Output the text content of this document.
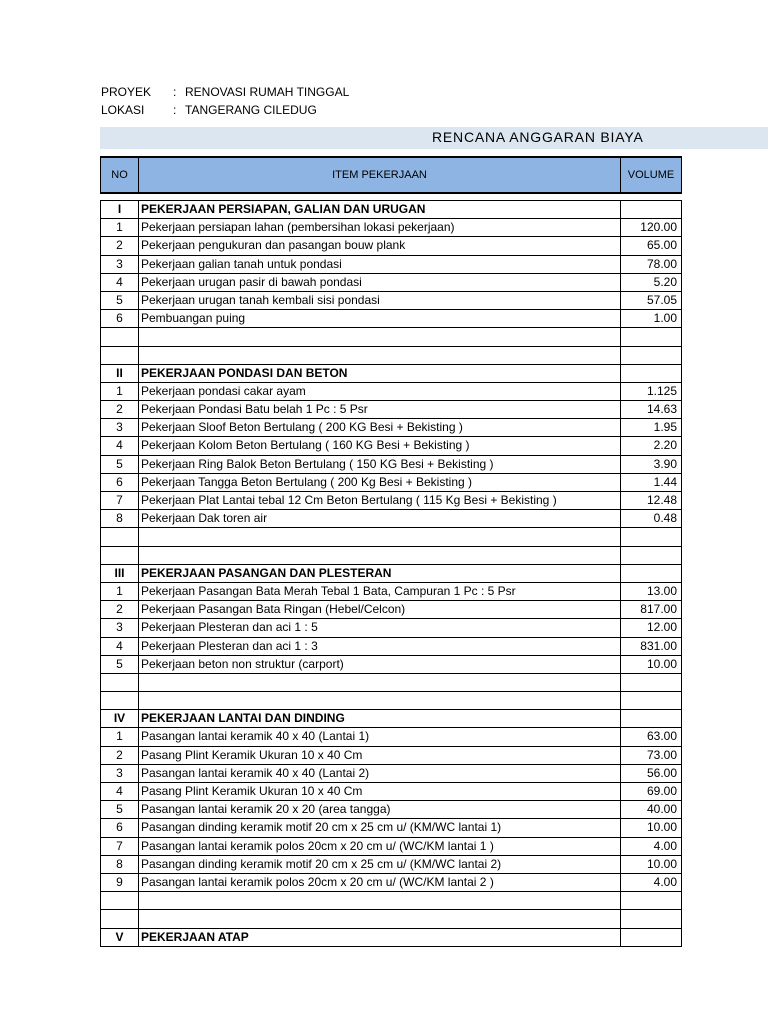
PROYEK : RENOVASI RUMAH TINGGAL
LOKASI : TANGERANG CILEDUG
RENCANA ANGGARAN BIAYA
NO	ITEM PEKERJAAN	VOLUME
I	PEKERJAAN PERSIAPAN, GALIAN DAN URUGAN
1	Pekerjaan persiapan lahan (pembersihan lokasi pekerjaan)	120.00
2	Pekerjaan pengukuran dan pasangan bouw plank	65.00
3	Pekerjaan galian tanah untuk pondasi	78.00
4	Pekerjaan urugan pasir di bawah pondasi	5.20
5	Pekerjaan urugan tanah kembali sisi pondasi	57.05
6	Pembuangan puing	1.00
II	PEKERJAAN PONDASI DAN BETON
1	Pekerjaan pondasi cakar ayam	1.125
2	Pekerjaan Pondasi Batu belah 1 Pc : 5 Psr	14.63
3	Pekerjaan Sloof Beton Bertulang ( 200 KG Besi + Bekisting )	1.95
4	Pekerjaan Kolom Beton Bertulang ( 160 KG Besi + Bekisting )	2.20
5	Pekerjaan Ring Balok Beton Bertulang ( 150 KG Besi + Bekisting )	3.90
6	Pekerjaan Tangga Beton Bertulang ( 200 Kg Besi + Bekisting )	1.44
7	Pekerjaan Plat Lantai tebal 12 Cm Beton Bertulang ( 115 Kg Besi + Bekisting )	12.48
8	Pekerjaan Dak toren air	0.48
III	PEKERJAAN PASANGAN DAN PLESTERAN
1	Pekerjaan Pasangan Bata Merah Tebal 1 Bata, Campuran 1 Pc : 5 Psr	13.00
2	Pekerjaan Pasangan Bata Ringan (Hebel/Celcon)	817.00
3	Pekerjaan Plesteran dan aci 1 : 5	12.00
4	Pekerjaan Plesteran dan aci 1 : 3	831.00
5	Pekerjaan beton non struktur (carport)	10.00
IV	PEKERJAAN LANTAI DAN DINDING
1	Pasangan lantai keramik 40 x 40 (Lantai 1)	63.00
2	Pasang Plint Keramik Ukuran 10 x 40 Cm	73.00
3	Pasangan lantai keramik 40 x 40 (Lantai 2)	56.00
4	Pasang Plint Keramik Ukuran 10 x 40 Cm	69.00
5	Pasangan lantai keramik 20 x 20 (area tangga)	40.00
6	Pasangan dinding keramik motif 20 cm x 25 cm u/ (KM/WC lantai 1)	10.00
7	Pasangan lantai keramik polos 20cm x 20 cm u/ (WC/KM lantai 1 )	4.00
8	Pasangan dinding keramik motif 20 cm x 25 cm u/ (KM/WC lantai 2)	10.00
9	Pasangan lantai keramik polos 20cm x 20 cm u/ (WC/KM lantai 2 )	4.00
V	PEKERJAAN ATAP
